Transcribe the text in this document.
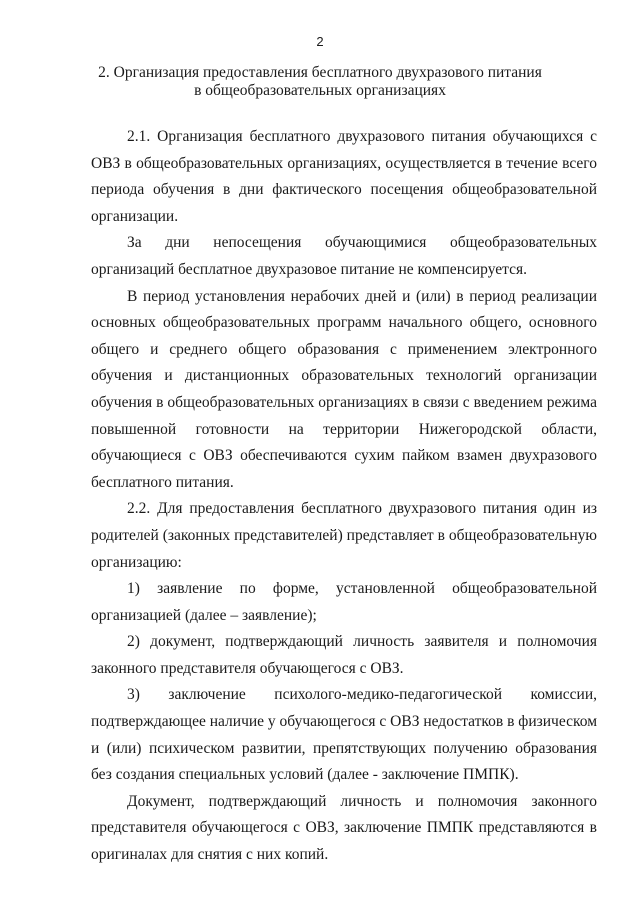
2
2. Организация предоставления бесплатного двухразового питания
в общеобразовательных организациях

2.1. Организация бесплатного двухразового питания обучающихся с ОВЗ в общеобразовательных организациях, осуществляется в течение всего периода обучения в дни фактического посещения общеобразовательной организации.

За дни непосещения обучающимися общеобразовательных организаций бесплатное двухразовое питание не компенсируется.

В период установления нерабочих дней и (или) в период реализации основных общеобразовательных программ начального общего, основного общего и среднего общего образования с применением электронного обучения и дистанционных образовательных технологий организации обучения в общеобразовательных организациях в связи с введением режима повышенной готовности на территории Нижегородской области, обучающиеся с ОВЗ обеспечиваются сухим пайком взамен двухразового бесплатного питания.

2.2. Для предоставления бесплатного двухразового питания один из родителей (законных представителей) представляет в общеобразовательную организацию:

1) заявление по форме, установленной общеобразовательной организацией (далее – заявление);

2) документ, подтверждающий личность заявителя и полномочия законного представителя обучающегося с ОВЗ.

3) заключение психолого-медико-педагогической комиссии, подтверждающее наличие у обучающегося с ОВЗ недостатков в физическом и (или) психическом развитии, препятствующих получению образования без создания специальных условий (далее - заключение ПМПК).

Документ, подтверждающий личность и полномочия законного представителя обучающегося с ОВЗ, заключение ПМПК представляются в оригиналах для снятия с них копий.
